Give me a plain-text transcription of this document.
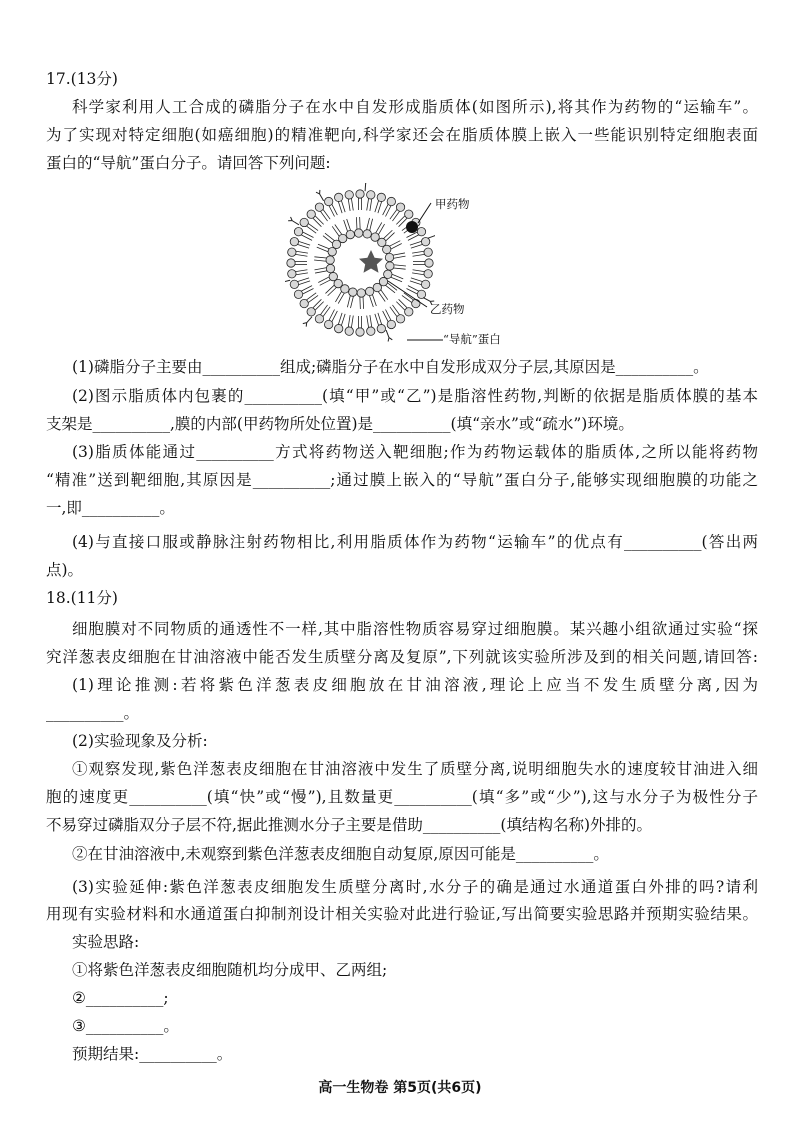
17.(13分)
科学家利用人工合成的磷脂分子在水中自发形成脂质体(如图所示),将其作为药物的“运输车”。
为了实现对特定细胞(如癌细胞)的精准靶向,科学家还会在脂质体膜上嵌入一些能识别特定细胞表面
蛋白的“导航”蛋白分子。请回答下列问题:
甲药物
乙药物
“导航”蛋白
(1)磷脂分子主要由__________组成;磷脂分子在水中自发形成双分子层,其原因是__________。
(2)图示脂质体内包裹的__________(填“甲”或“乙”)是脂溶性药物,判断的依据是脂质体膜的基本
支架是__________,膜的内部(甲药物所处位置)是__________(填“亲水”或“疏水”)环境。
(3)脂质体能通过__________方式将药物送入靶细胞;作为药物运载体的脂质体,之所以能将药物
“精准”送到靶细胞,其原因是__________;通过膜上嵌入的“导航”蛋白分子,能够实现细胞膜的功能之
一,即__________。
(4)与直接口服或静脉注射药物相比,利用脂质体作为药物“运输车”的优点有__________(答出两
点)。
18.(11分)
细胞膜对不同物质的通透性不一样,其中脂溶性物质容易穿过细胞膜。某兴趣小组欲通过实验“探
究洋葱表皮细胞在甘油溶液中能否发生质壁分离及复原”,下列就该实验所涉及到的相关问题,请回答:
(1)理论推测:若将紫色洋葱表皮细胞放在甘油溶液,理论上应当不发生质壁分离,因为
__________。
(2)实验现象及分析:
①观察发现,紫色洋葱表皮细胞在甘油溶液中发生了质壁分离,说明细胞失水的速度较甘油进入细
胞的速度更__________(填“快”或“慢”),且数量更__________(填“多”或“少”),这与水分子为极性分子
不易穿过磷脂双分子层不符,据此推测水分子主要是借助__________(填结构名称)外排的。
②在甘油溶液中,未观察到紫色洋葱表皮细胞自动复原,原因可能是__________。
(3)实验延伸:紫色洋葱表皮细胞发生质壁分离时,水分子的确是通过水通道蛋白外排的吗?请利
用现有实验材料和水通道蛋白抑制剂设计相关实验对此进行验证,写出简要实验思路并预期实验结果。
实验思路:
①将紫色洋葱表皮细胞随机均分成甲、乙两组;
②__________;
③__________。
预期结果:__________。
高一生物卷 第5页(共6页)
